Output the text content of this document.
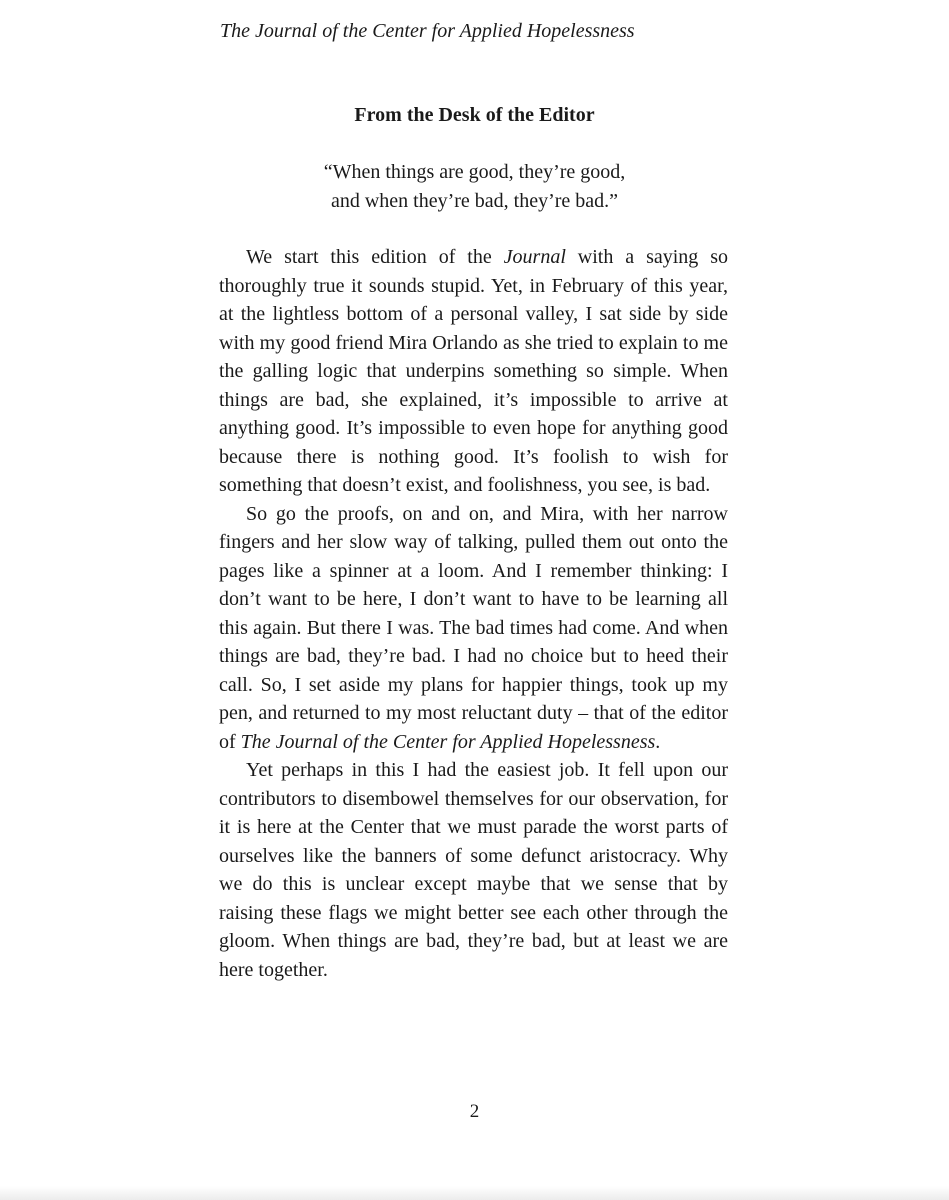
The Journal of the Center for Applied Hopelessness
From the Desk of the Editor
“When things are good, they’re good,
and when they’re bad, they’re bad.”

We start this edition of the Journal with a saying so thoroughly true it sounds stupid. Yet, in February of this year, at the lightless bottom of a personal valley, I sat side by side with my good friend Mira Orlando as she tried to explain to me the galling logic that underpins something so simple. When things are bad, she explained, it’s impossible to arrive at anything good. It’s impossible to even hope for anything good because there is nothing good. It’s foolish to wish for something that doesn’t exist, and foolishness, you see, is bad.

So go the proofs, on and on, and Mira, with her narrow fingers and her slow way of talking, pulled them out onto the pages like a spinner at a loom. And I remember thinking: I don’t want to be here, I don’t want to have to be learning all this again. But there I was. The bad times had come. And when things are bad, they’re bad. I had no choice but to heed their call. So, I set aside my plans for happier things, took up my pen, and returned to my most reluctant duty – that of the editor of The Journal of the Center for Applied Hopelessness.

Yet perhaps in this I had the easiest job. It fell upon our contributors to disembowel themselves for our observation, for it is here at the Center that we must parade the worst parts of ourselves like the banners of some defunct aristocracy. Why we do this is unclear except maybe that we sense that by raising these flags we might better see each other through the gloom. When things are bad, they’re bad, but at least we are here together.

2
